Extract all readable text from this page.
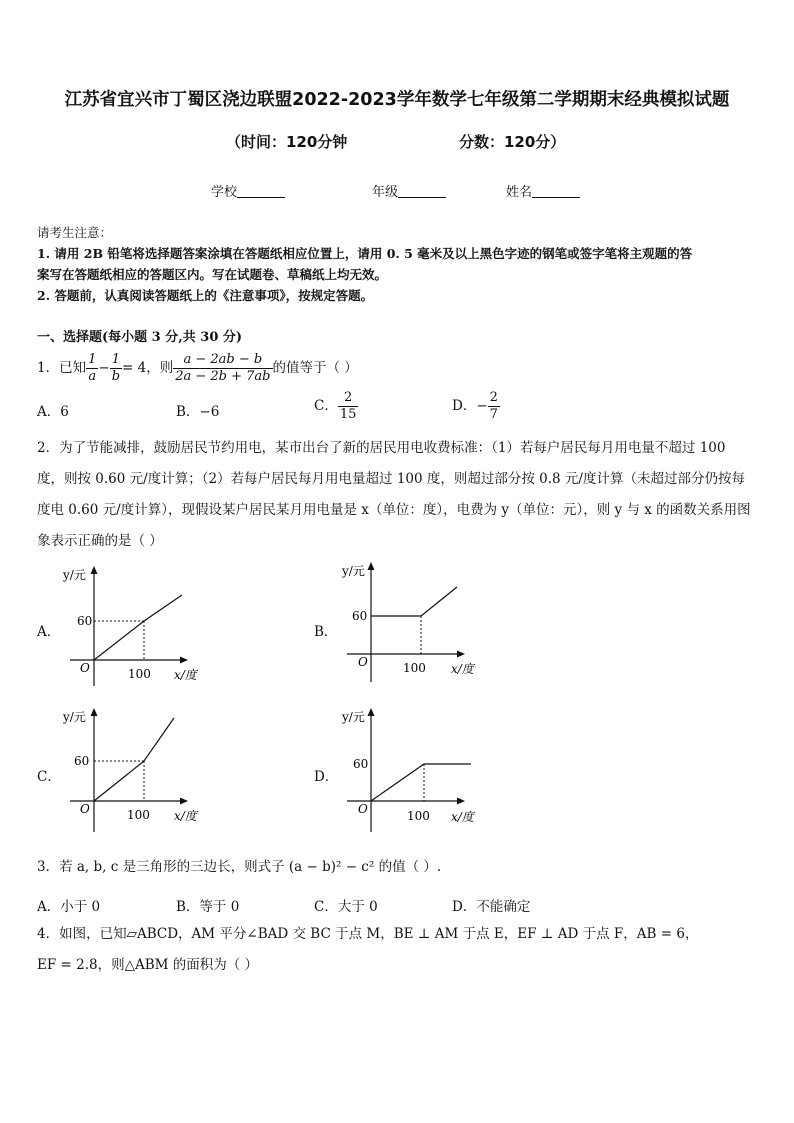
江苏省宜兴市丁蜀区浇边联盟2022-2023学年数学七年级第二学期期末经典模拟试题
（时间：120分钟	分数：120分）
学校	年级	姓名
请考生注意：
1. 请用 2B 铅笔将选择题答案涂填在答题纸相应位置上，请用 0. 5 毫米及以上黑色字迹的钢笔或签字笔将主观题的答
案写在答题纸相应的答题区内。写在试题卷、草稿纸上均无效。
2. 答题前，认真阅读答题纸上的《注意事项》，按规定答题。
一、选择题(每小题 3 分,共 30 分)
1．已知 $\frac{1}{a} - \frac{1}{b} = 4$，则 $\frac{a - 2ab - b}{2a - 2b + 7ab}$ 的值等于（ ）
A．6	B．−6	C． $\frac{2}{15}$	D．− $\frac{2}{7}$
2．为了节能减排，鼓励居民节约用电，某市出台了新的居民用电收费标准：（1）若每户居民每月用电量不超过 100
度，则按 0.60 元/度计算；（2）若每户居民每月用电量超过 100 度，则超过部分按 0.8 元/度计算（未超过部分仍按每
度电 0.60 元/度计算），现假设某户居民某月用电量是 x（单位：度），电费为 y（单位：元），则 y 与 x 的函数关系用图
象表示正确的是（ ）
A．
y/元
x/度
60
100
O
B．
y/元
x/度
60
100
O
C．
y/元
x/度
60
100
O
D．
y/元
x/度
60
100
O
3．若 a, b, c 是三角形的三边长，则式子 (a − b)² − c² 的值（ ）.
A．小于 0	B．等于 0	C．大于 0	D．不能确定
4．如图，已知▱ABCD，AM 平分∠BAD 交 BC 于点 M，BE ⊥ AM 于点 E，EF ⊥ AD 于点 F，AB = 6，
EF = 2.8，则△ABM 的面积为（ ）
